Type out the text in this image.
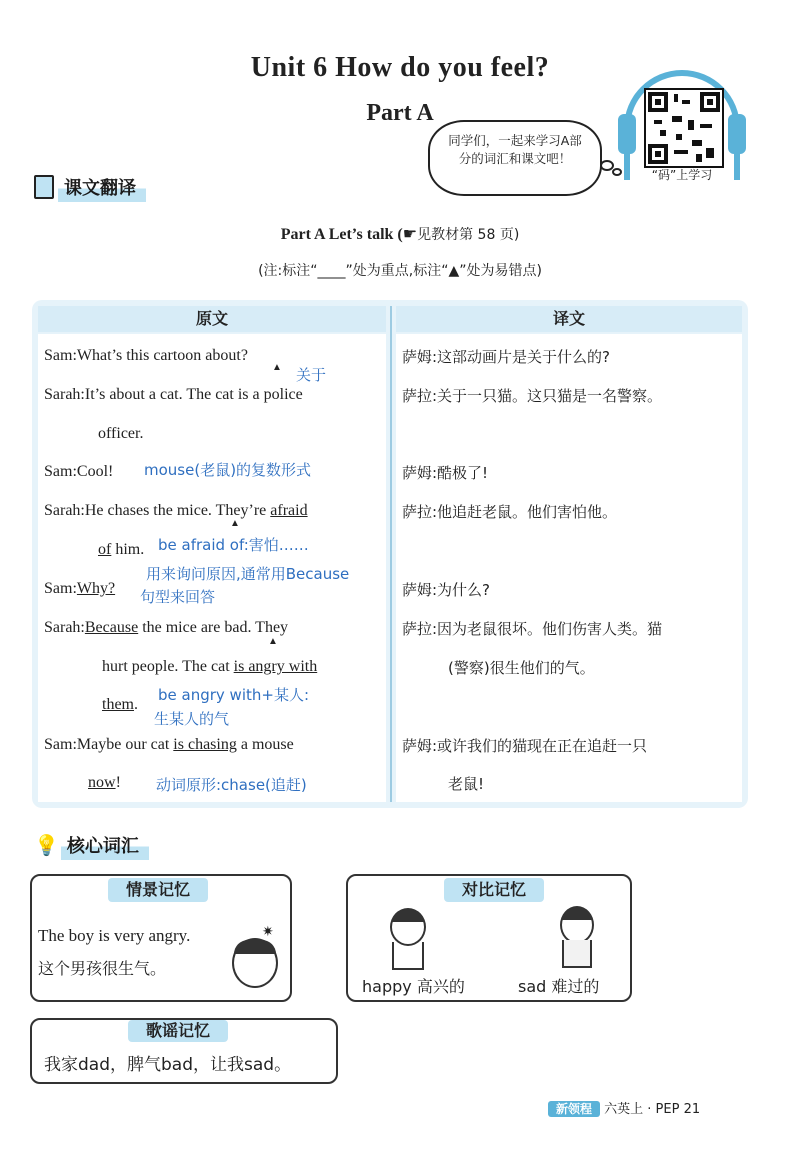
Unit 6 How do you feel?
Part A
同学们，一起来学习A部分的词汇和课文吧！
“码”上学习
课文翻译
Part A Let’s talk (☛见教材第 58 页)
(注:标注“____”处为重点,标注“▲”处为易错点)
原文	译文
Sam:What’s this cartoon about?
关于
▲
Sarah:It’s about a cat. The cat is a police
officer.
Sam:Cool! mouse(老鼠)的复数形式
Sarah:He chases the mice. They’re afraid
▲
of him. be afraid of:害怕……
用来询问原因,通常用Because
Sam:Why? 句型来回答
Sarah:Because the mice are bad. They
▲
hurt people. The cat is angry with
be angry with+某人:
them.
生某人的气
Sam:Maybe our cat is chasing a mouse
now! 动词原形:chase(追赶)
萨姆:这部动画片是关于什么的?
萨拉:关于一只猫。这只猫是一名警察。
萨姆:酷极了!
萨拉:他追赶老鼠。他们害怕他。
萨姆:为什么?
萨拉:因为老鼠很坏。他们伤害人类。猫
(警察)很生他们的气。
萨姆:或许我们的猫现在正在追赶一只
老鼠!
💡 核心词汇
情景记忆
The boy is very angry.
这个男孩很生气。
✷
对比记忆
happy 高兴的	sad 难过的
歌谣记忆
我家dad，脾气bad，让我sad。
新领程 六英上 · PEP 21
